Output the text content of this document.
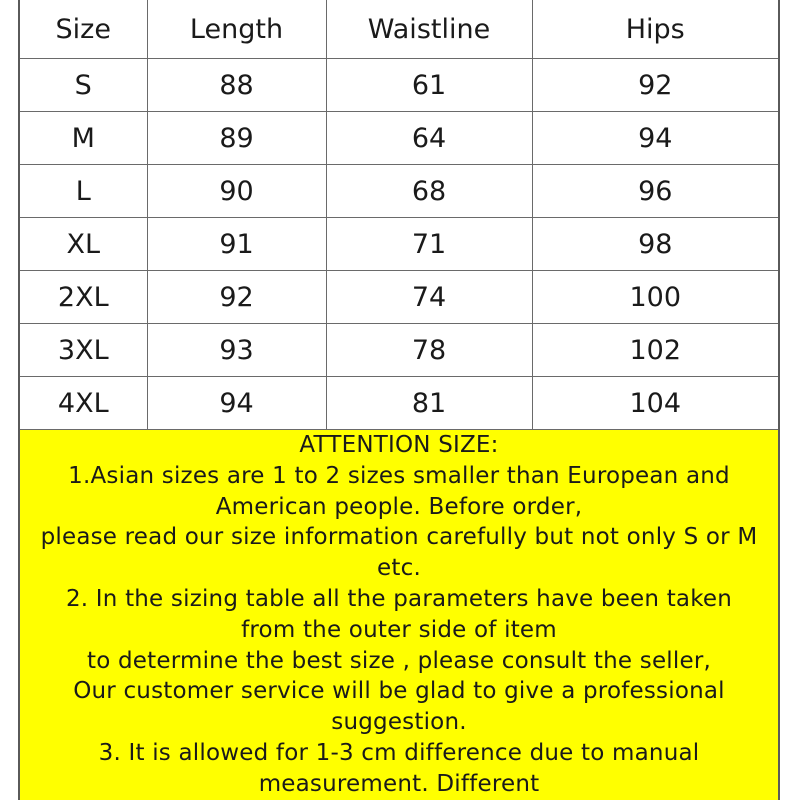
Size	Length	Waistline	Hips
S	88	61	92
M	89	64	94
L	90	68	96
XL	91	71	98
2XL	92	74	100
3XL	93	78	102
4XL	94	81	104
ATTENTION SIZE:
1.Asian sizes are 1 to 2 sizes smaller than European and
American people. Before order,
please read our size information carefully but not only S or M
etc.
2. In the sizing table all the parameters have been taken
from the outer side of item
to determine the best size , please consult the seller,
Our customer service will be glad to give a professional
suggestion.
3. It is allowed for 1-3 cm difference due to manual
measurement. Different
